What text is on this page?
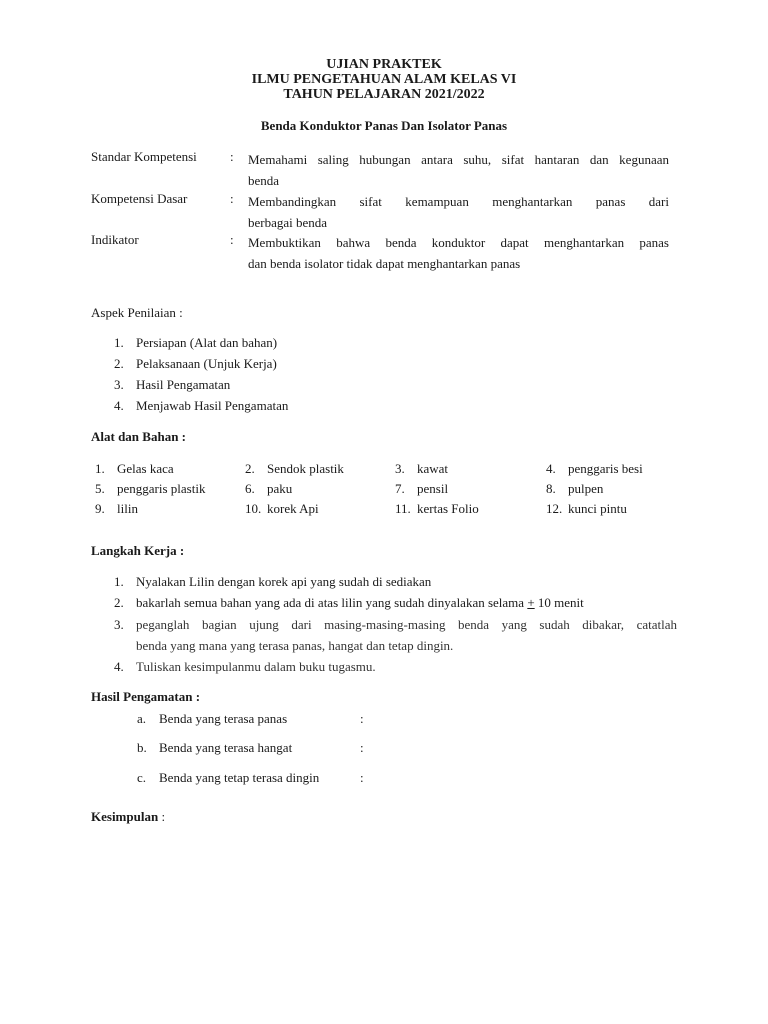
UJIAN PRAKTEK
ILMU PENGETAHUAN ALAM KELAS VI
TAHUN PELAJARAN 2021/2022
Benda Konduktor Panas Dan Isolator Panas
Standar Kompetensi	: Memahami saling hubungan antara suhu, sifat hantaran dan kegunaan
benda
Kompetensi Dasar	: Membandingkan sifat kemampuan menghantarkan panas dari
berbagai benda
Indikator	: Membuktikan bahwa benda konduktor dapat menghantarkan panas
dan benda isolator tidak dapat menghantarkan panas
Aspek Penilaian :
1. Persiapan (Alat dan bahan)
2. Pelaksanaan (Unjuk Kerja)
3. Hasil Pengamatan
4. Menjawab Hasil Pengamatan
Alat dan Bahan :
1. Gelas kaca	2. Sendok plastik	3. kawat	4. penggaris besi
5. penggaris plastik	6. paku	7. pensil	8. pulpen
9. lilin	10. korek Api	11. kertas Folio	12. kunci pintu
Langkah Kerja :
1. Nyalakan Lilin dengan korek api yang sudah di sediakan
2. bakarlah semua bahan yang ada di atas lilin yang sudah dinyalakan selama + 10 menit
3. peganglah bagian ujung dari masing-masing-masing benda yang sudah dibakar, catatlah
benda yang mana yang terasa panas, hangat dan tetap dingin.
4. Tuliskan kesimpulanmu dalam buku tugasmu.
Hasil Pengamatan :
a. Benda yang terasa panas	:
b. Benda yang terasa hangat	:
c. Benda yang tetap terasa dingin	:
Kesimpulan :
